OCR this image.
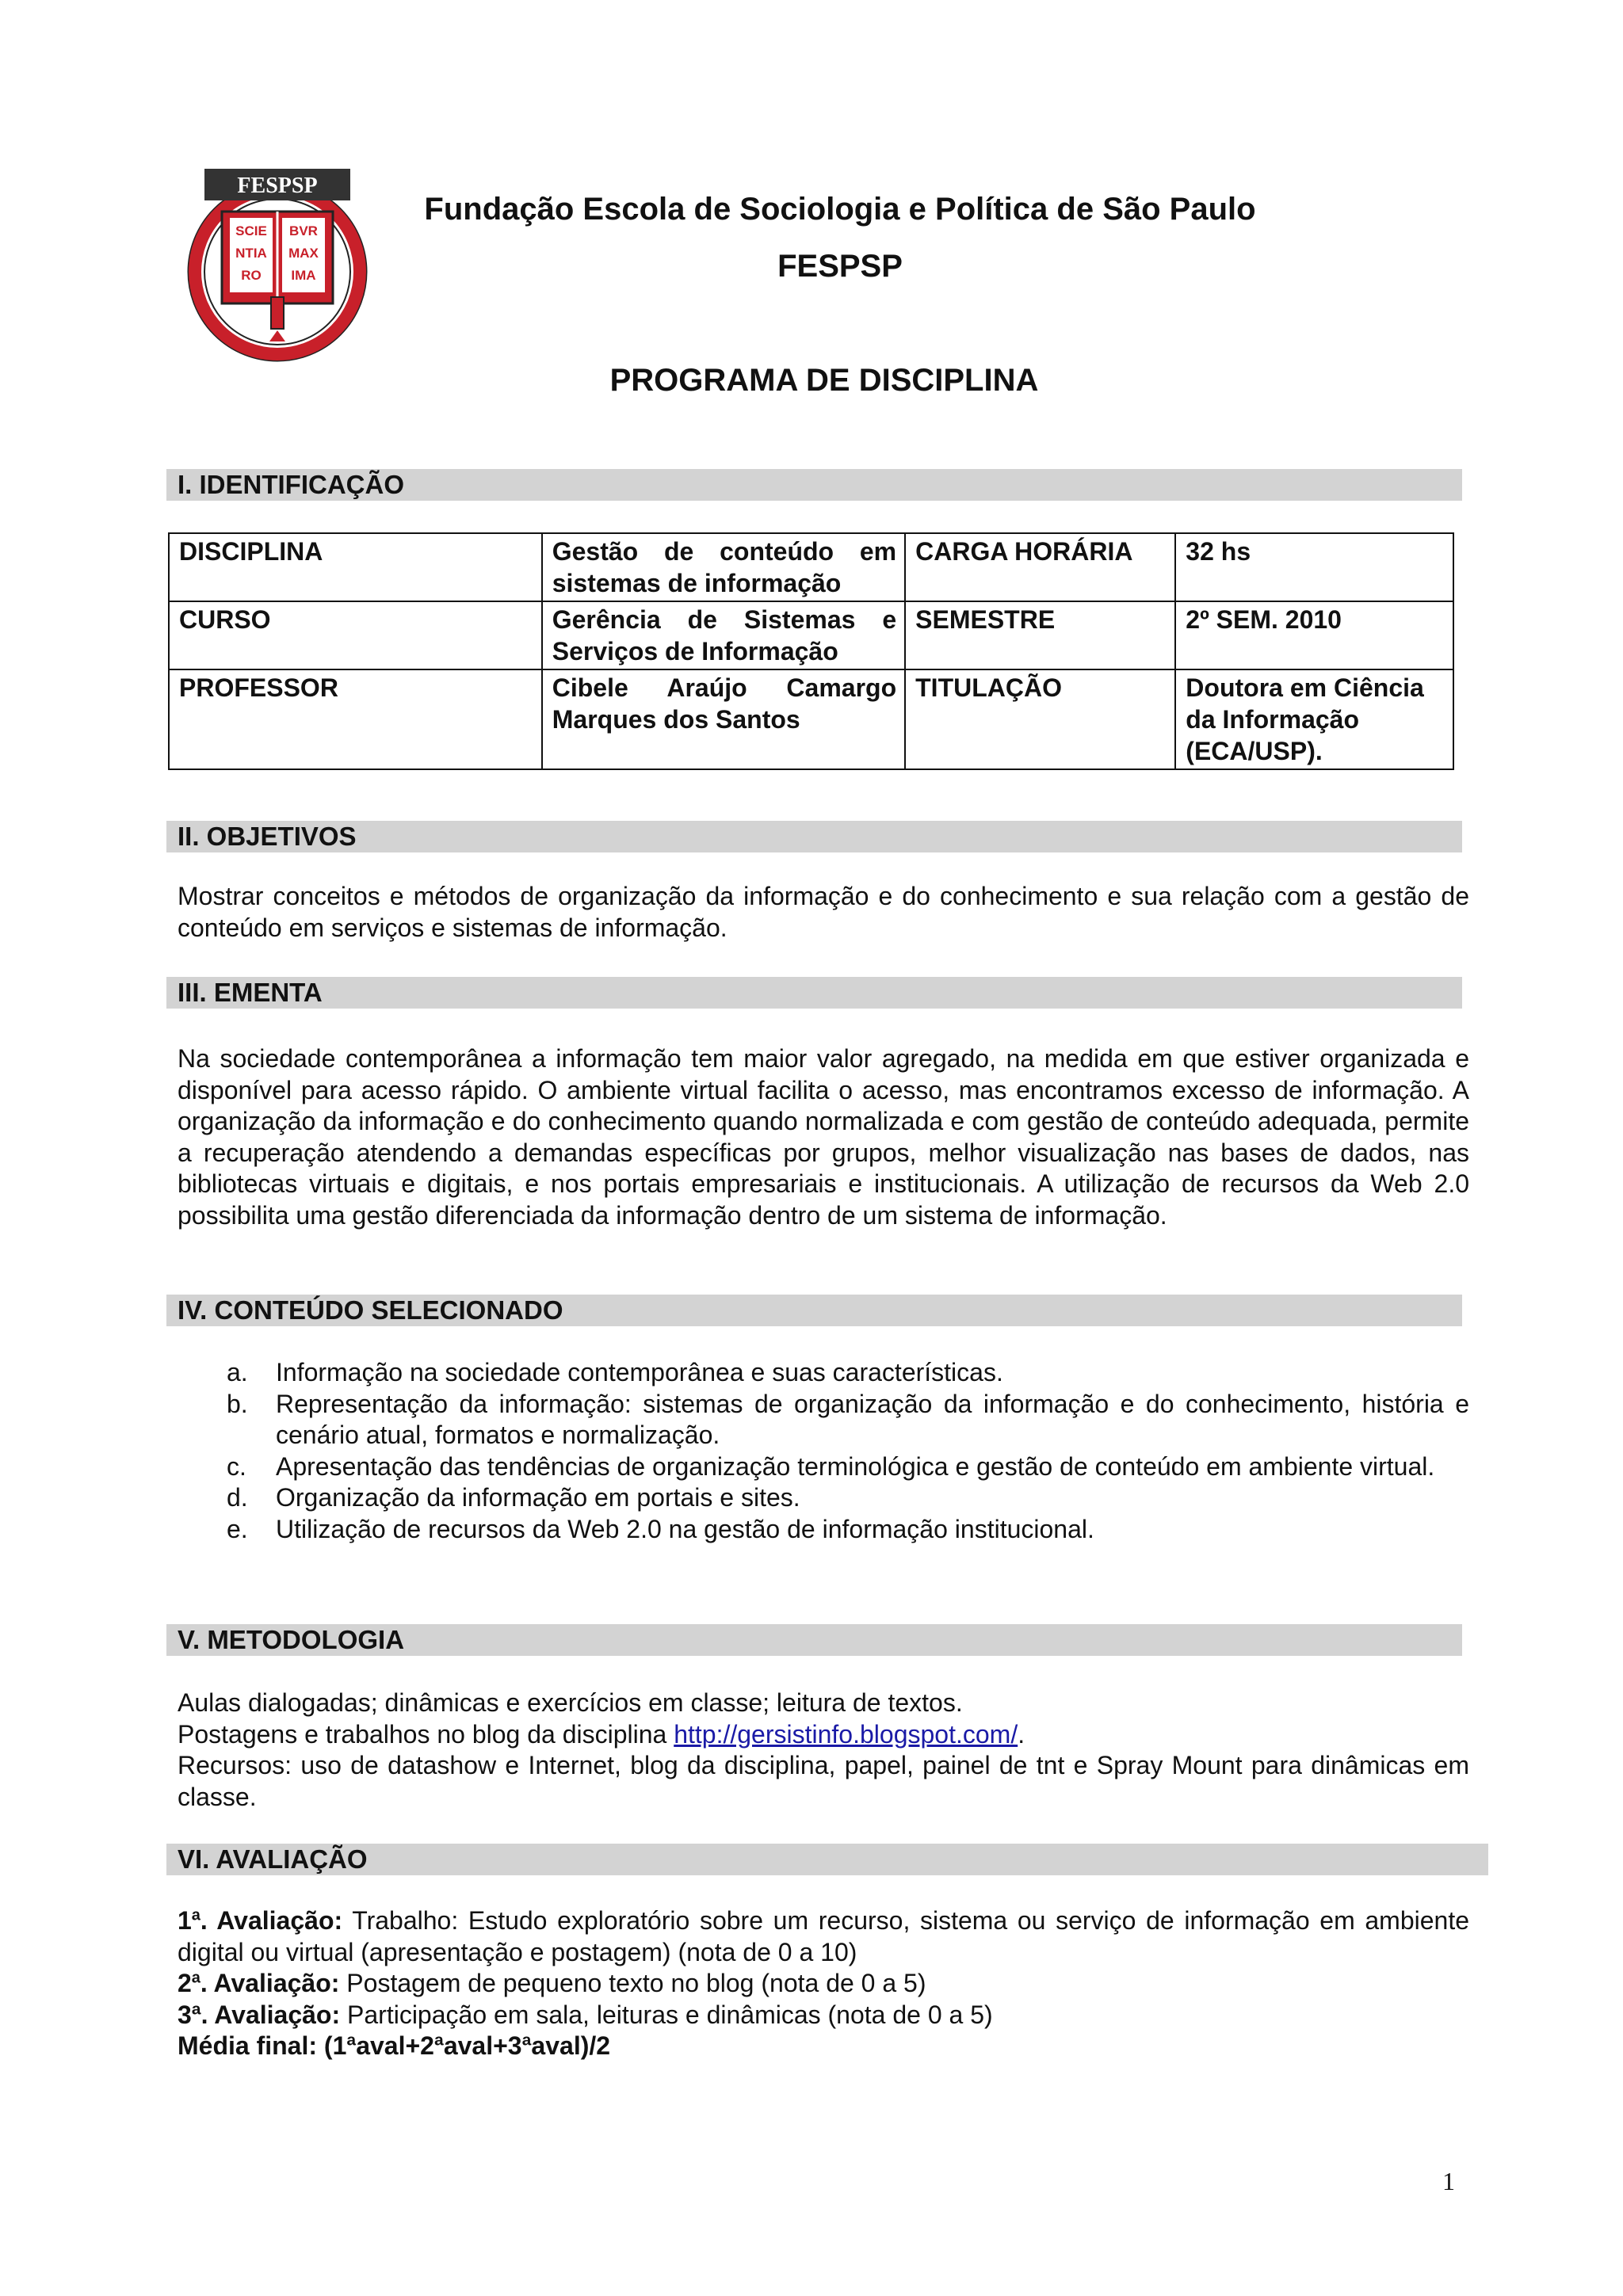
FESPSP
SCIE
NTIA
RO
BVR
MAX
IMA
Fundação Escola de Sociologia e Política de São Paulo
FESPSP
PROGRAMA DE DISCIPLINA
I. IDENTIFICAÇÃO
DISCIPLINA	Gestão de conteúdo em sistemas de informação	CARGA HORÁRIA	32 hs
CURSO	Gerência de Sistemas e Serviços de Informação	SEMESTRE	2º SEM. 2010
PROFESSOR	Cibele Araújo Camargo Marques dos Santos	TITULAÇÃO	Doutora em Ciência da Informação (ECA/USP).
II. OBJETIVOS
Mostrar conceitos e métodos de organização da informação e do conhecimento e sua relação com a gestão de conteúdo em serviços e sistemas de informação.
III. EMENTA
Na sociedade contemporânea a informação tem maior valor agregado, na medida em que estiver organizada e disponível para acesso rápido. O ambiente virtual facilita o acesso, mas encontramos excesso de informação. A organização da informação e do conhecimento quando normalizada e com gestão de conteúdo adequada, permite a recuperação atendendo a demandas específicas por grupos, melhor visualização nas bases de dados, nas bibliotecas virtuais e digitais, e nos portais empresariais e institucionais. A utilização de recursos da Web 2.0 possibilita uma gestão diferenciada da informação dentro de um sistema de informação.
IV. CONTEÚDO SELECIONADO
a. Informação na sociedade contemporânea e suas características.
b. Representação da informação: sistemas de organização da informação e do conhecimento, história e cenário atual, formatos e normalização.
c. Apresentação das tendências de organização terminológica e gestão de conteúdo em ambiente virtual.
d. Organização da informação em portais e sites.
e. Utilização de recursos da Web 2.0 na gestão de informação institucional.
V. METODOLOGIA
Aulas dialogadas; dinâmicas e exercícios em classe; leitura de textos.
Postagens e trabalhos no blog da disciplina http://gersistinfo.blogspot.com/.
Recursos: uso de datashow e Internet, blog da disciplina, papel, painel de tnt e Spray Mount para dinâmicas em classe.
VI. AVALIAÇÃO
1$^a$. Avaliação: Trabalho: Estudo exploratório sobre um recurso, sistema ou serviço de informação em ambiente digital ou virtual (apresentação e postagem) (nota de 0 a 10)
2$^a$. Avaliação: Postagem de pequeno texto no blog (nota de 0 a 5)
3ª. Avaliação: Participação em sala, leituras e dinâmicas (nota de 0 a 5)
Média final: (1ªaval+2ªaval+3ªaval)/2
1
